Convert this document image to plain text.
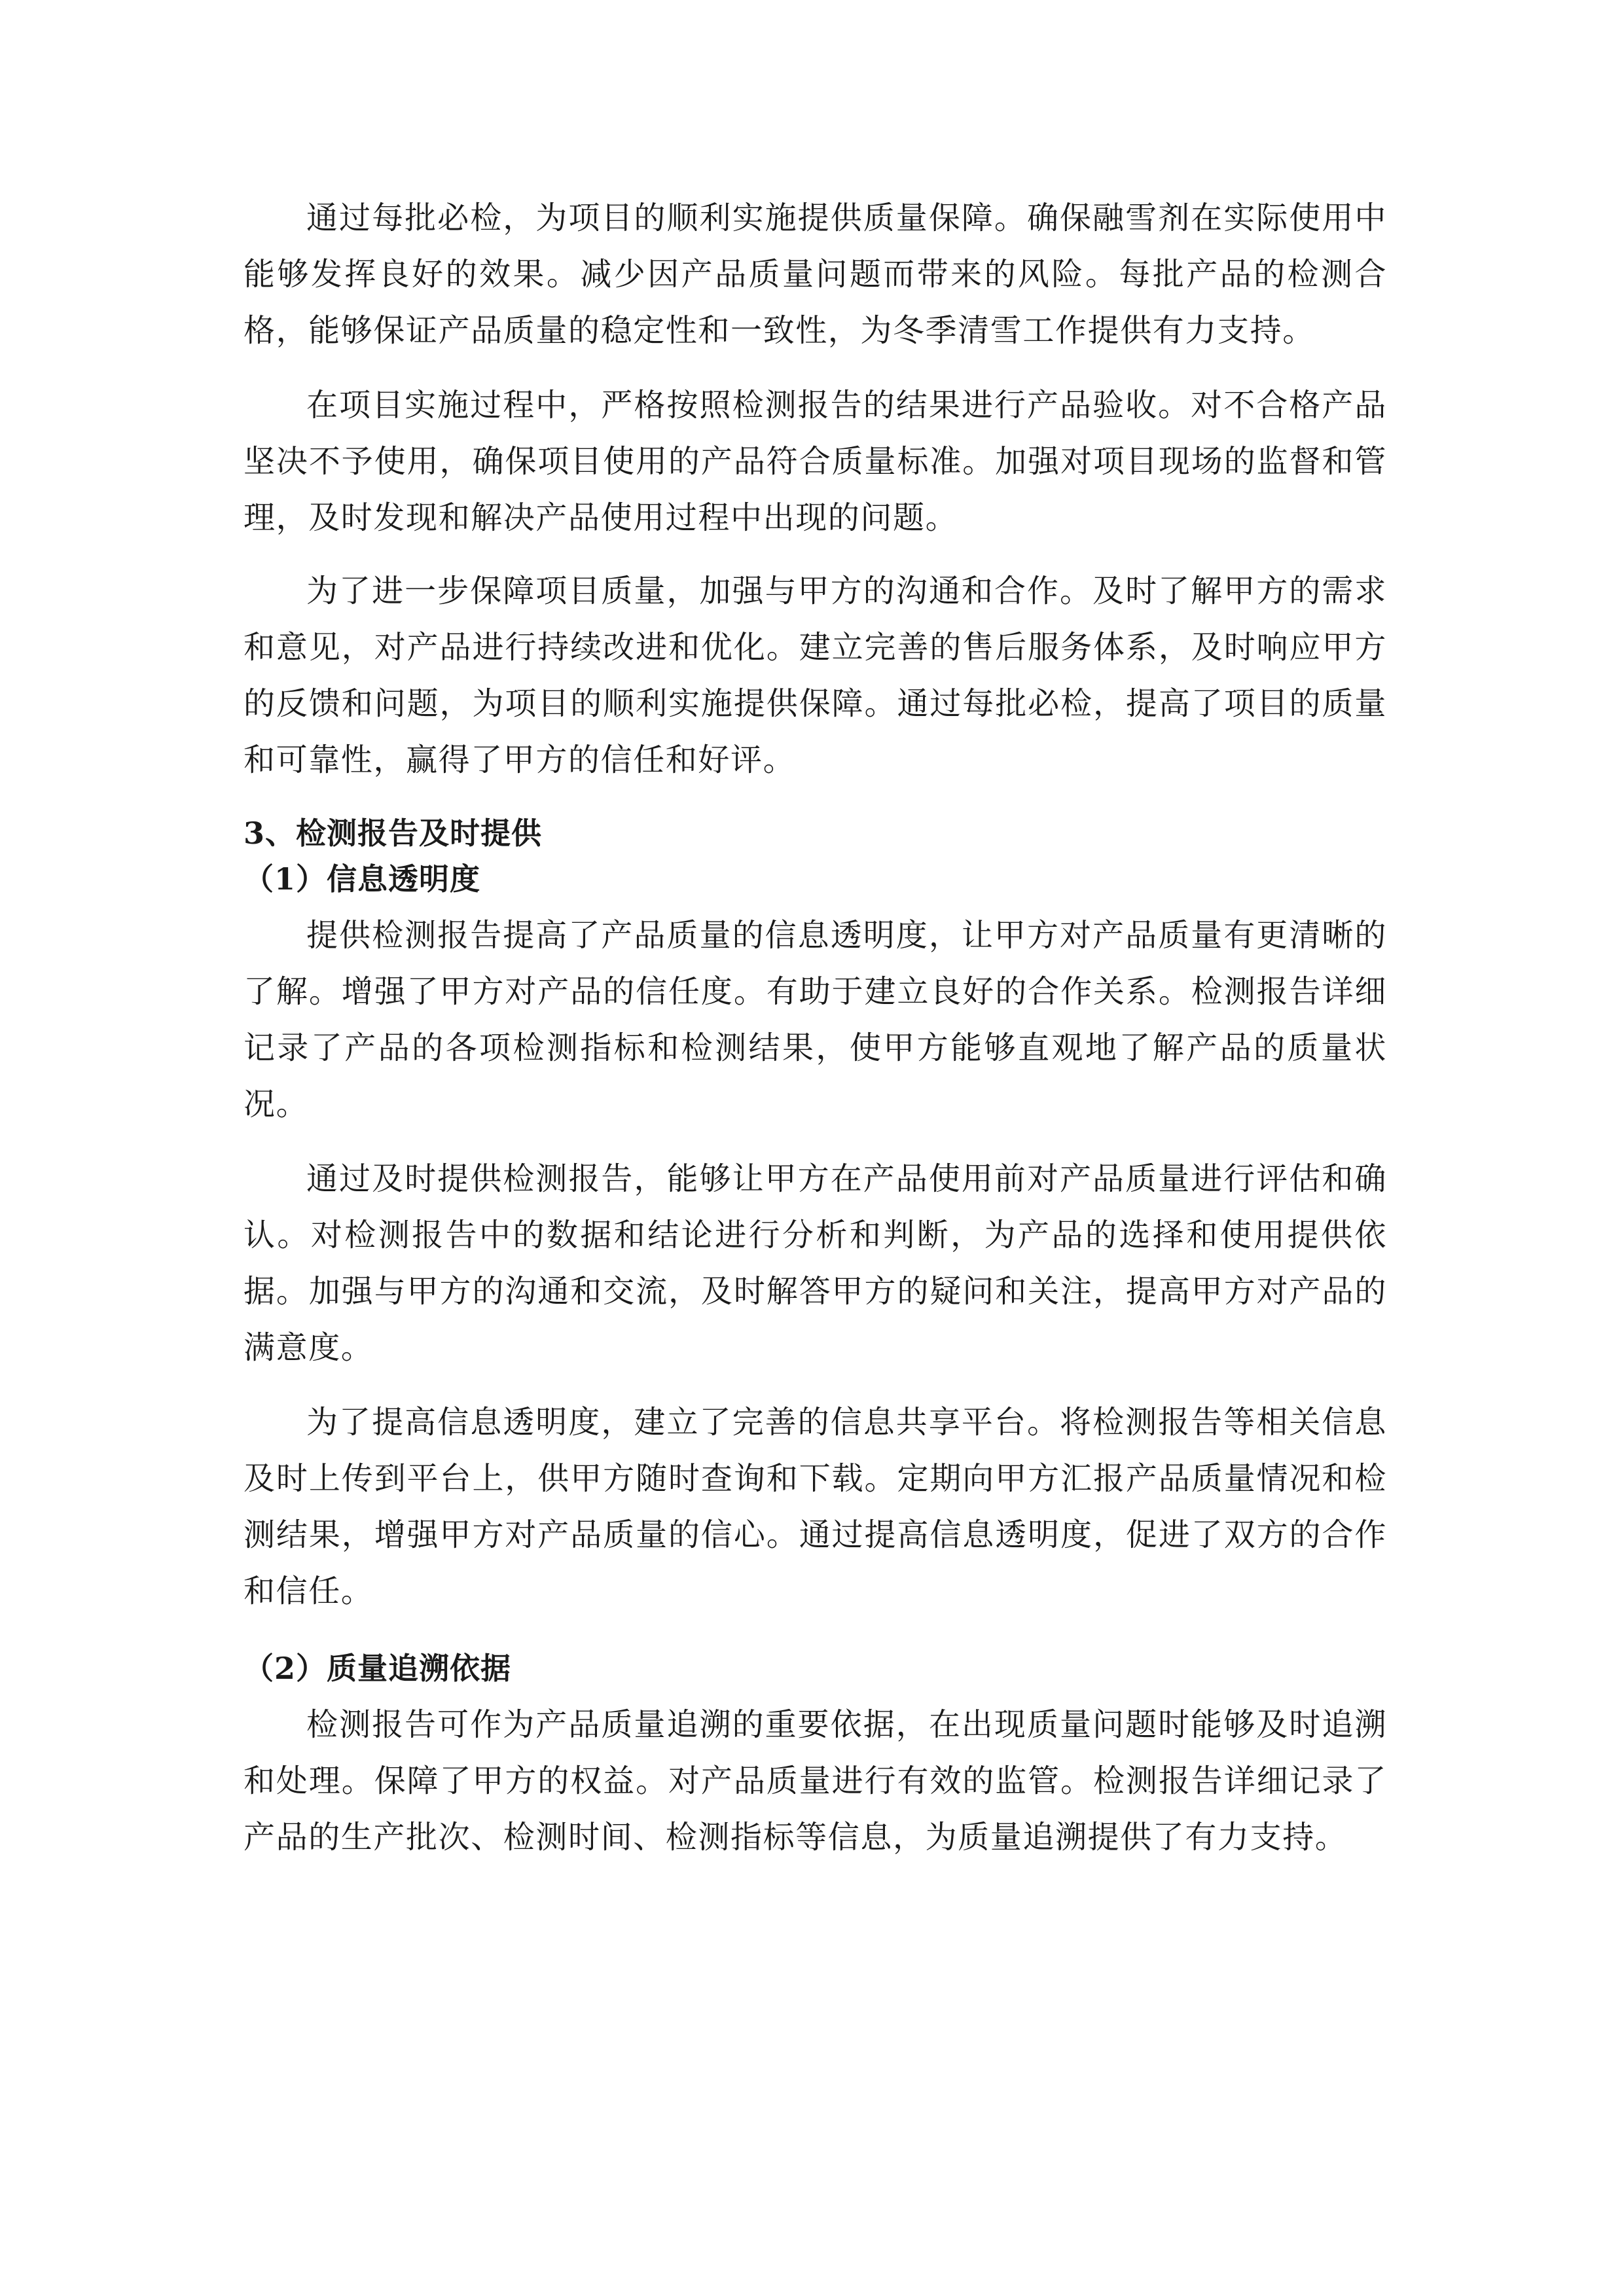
通过每批必检，为项目的顺利实施提供质量保障。确保融雪剂在实际使用中能够发挥良好的效果。减少因产品质量问题而带来的风险。每批产品的检测合格，能够保证产品质量的稳定性和一致性，为冬季清雪工作提供有力支持。

在项目实施过程中，严格按照检测报告的结果进行产品验收。对不合格产品坚决不予使用，确保项目使用的产品符合质量标准。加强对项目现场的监督和管理，及时发现和解决产品使用过程中出现的问题。

为了进一步保障项目质量，加强与甲方的沟通和合作。及时了解甲方的需求和意见，对产品进行持续改进和优化。建立完善的售后服务体系，及时响应甲方的反馈和问题，为项目的顺利实施提供保障。通过每批必检，提高了项目的质量和可靠性，赢得了甲方的信任和好评。

3、检测报告及时提供
（1）信息透明度

提供检测报告提高了产品质量的信息透明度，让甲方对产品质量有更清晰的了解。增强了甲方对产品的信任度。有助于建立良好的合作关系。检测报告详细记录了产品的各项检测指标和检测结果，使甲方能够直观地了解产品的质量状况。

通过及时提供检测报告，能够让甲方在产品使用前对产品质量进行评估和确认。对检测报告中的数据和结论进行分析和判断，为产品的选择和使用提供依据。加强与甲方的沟通和交流，及时解答甲方的疑问和关注，提高甲方对产品的满意度。

为了提高信息透明度，建立了完善的信息共享平台。将检测报告等相关信息及时上传到平台上，供甲方随时查询和下载。定期向甲方汇报产品质量情况和检测结果，增强甲方对产品质量的信心。通过提高信息透明度，促进了双方的合作和信任。

（2）质量追溯依据

检测报告可作为产品质量追溯的重要依据，在出现质量问题时能够及时追溯和处理。保障了甲方的权益。对产品质量进行有效的监管。检测报告详细记录了产品的生产批次、检测时间、检测指标等信息，为质量追溯提供了有力支持。
